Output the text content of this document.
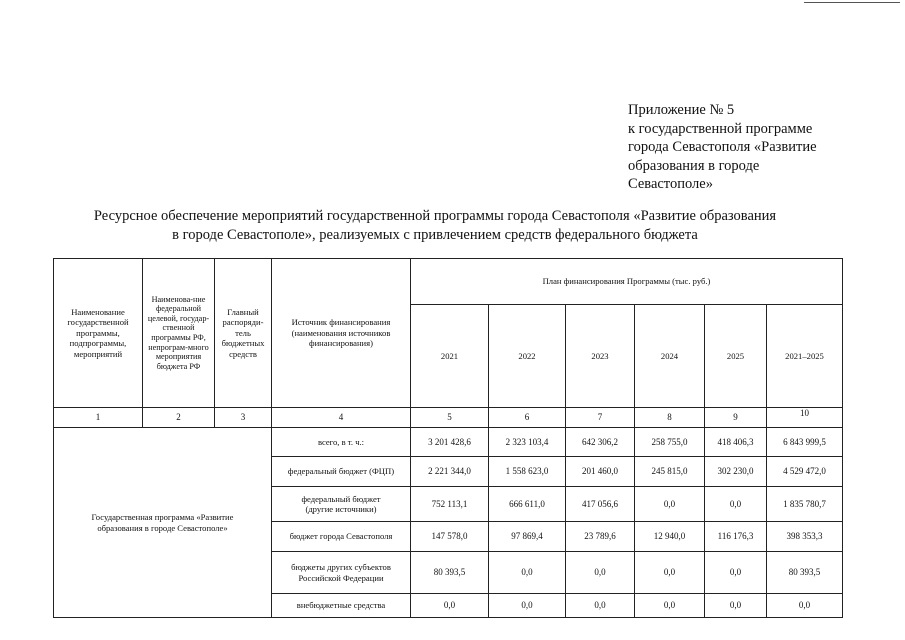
Приложение № 5
к государственной программе
города Севастополя «Развитие
образования в городе
Севастополе»
Ресурсное обеспечение мероприятий государственной программы города Севастополя «Развитие образования
в городе Севастополе», реализуемых с привлечением средств федерального бюджета
Наименование государственной программы, подпрограммы, мероприятий	Наименова-ние федеральной целевой, государ-ственной программы РФ, непрограм-много мероприятия бюджета РФ	Главный распоряди-тель бюджетных средств	Источник финансирования (наименования источников финансирования)	План финансирования Программы (тыс. руб.)					
				2021	2022	2023	2024	2025	2021–2025
1	2	3	4	5	6	7	8	9	10
Государственная программа «Развитие образования в городе Севастополе»			всего, в т. ч.:	3 201 428,6	2 323 103,4	642 306,2	258 755,0	418 406,3	6 843 999,5
			федеральный бюджет (ФЦП)	2 221 344,0	1 558 623,0	201 460,0	245 815,0	302 230,0	4 529 472,0
			федеральный бюджет (другие источники)	752 113,1	666 611,0	417 056,6	0,0	0,0	1 835 780,7
			бюджет города Севастополя	147 578,0	97 869,4	23 789,6	12 940,0	116 176,3	398 353,3
			бюджеты других субъектов Российской Федерации	80 393,5	0,0	0,0	0,0	0,0	80 393,5
			внебюджетные средства	0,0	0,0	0,0	0,0	0,0	0,0
